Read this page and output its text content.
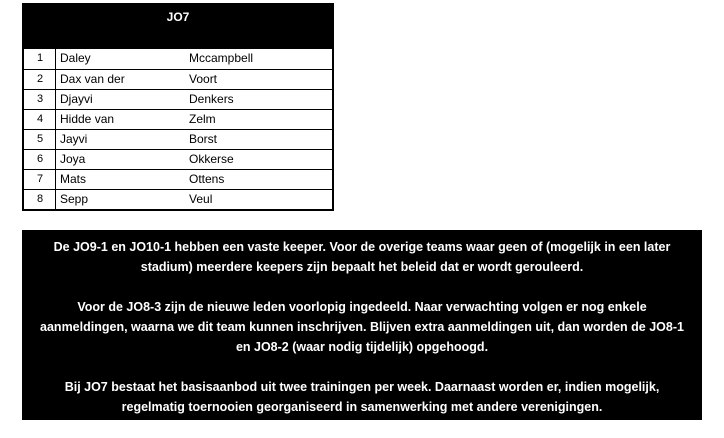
JO7
1	Daley	Mccampbell
2	Dax van der	Voort
3	Djayvi	Denkers
4	Hidde van	Zelm
5	Jayvi	Borst
6	Joya	Okkerse
7	Mats	Ottens
8	Sepp	Veul

De JO9-1 en JO10-1 hebben een vaste keeper. Voor de overige teams waar geen of (mogelijk in een later stadium) meerdere keepers zijn bepaalt het beleid dat er wordt gerouleerd.

Voor de JO8-3 zijn de nieuwe leden voorlopig ingedeeld. Naar verwachting volgen er nog enkele aanmeldingen, waarna we dit team kunnen inschrijven. Blijven extra aanmeldingen uit, dan worden de JO8-1 en JO8-2 (waar nodig tijdelijk) opgehoogd.

Bij JO7 bestaat het basisaanbod uit twee trainingen per week. Daarnaast worden er, indien mogelijk, regelmatig toernooien georganiseerd in samenwerking met andere verenigingen.
